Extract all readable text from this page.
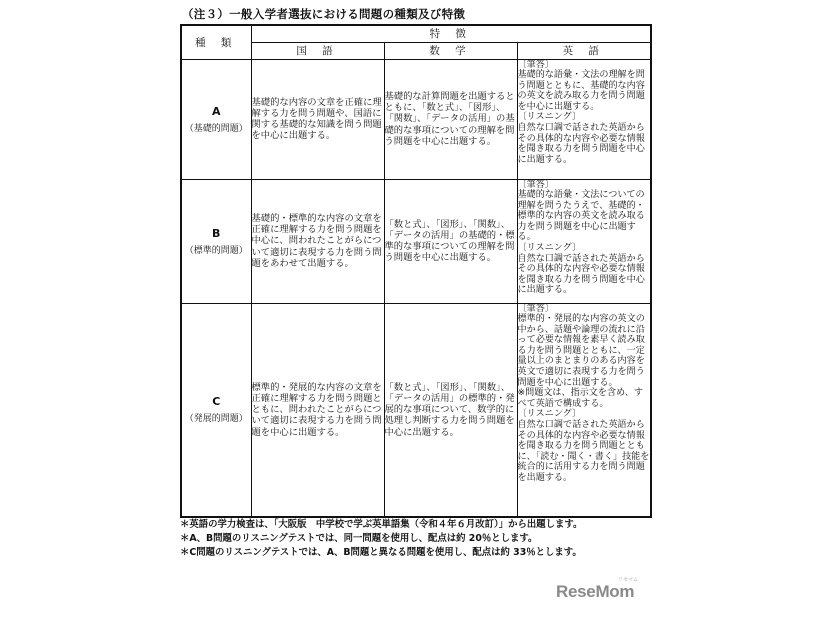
（注３）一般入学者選抜における問題の種類及び特徴
種 類	特 徴		
	国 語	数 学	英 語

A
（基礎的問題）	基礎的な内容の文章を正確に理解する力を問う問題や、国語に関する基礎的な知識を問う問題を中心に出題する。	基礎的な計算問題を出題するとともに、「数と式」、「図形」、「関数」、「データの活用」の基礎的な事項についての理解を問う問題を中心に出題する。	〔筆答〕
基礎的な語彙・文法の理解を問う問題とともに、基礎的な内容の英文を読み取る力を問う問題を中心に出題する。
〔リスニング〕
自然な口調で話された英語からその具体的な内容や必要な情報を聞き取る力を問う問題を中心に出題する。

B
（標準的問題）	基礎的・標準的な内容の文章を正確に理解する力を問う問題を中心に、問われたことがらについて適切に表現する力を問う問題をあわせて出題する。	「数と式」、「図形」、「関数」、「データの活用」の基礎的・標準的な事項についての理解を問う問題を中心に出題する。	〔筆答〕
基礎的な語彙・文法についての理解を問うたうえで、基礎的・標準的な内容の英文を読み取る力を問う問題を中心に出題する。
〔リスニング〕
自然な口調で話された英語からその具体的な内容や必要な情報を聞き取る力を問う問題を中心に出題する。

C
（発展的問題）	標準的・発展的な内容の文章を正確に理解する力を問う問題とともに、問われたことがらについて適切に表現する力を問う問題を中心に出題する。	「数と式」、「図形」、「関数」、「データの活用」の標準的・発展的な事項について、数学的に処理し判断する力を問う問題を中心に出題する。	〔筆答〕
標準的・発展的な内容の英文の中から、話題や論理の流れに沿って必要な情報を素早く読み取る力を問う問題とともに、一定量以上のまとまりのある内容を英文で適切に表現する力を問う問題を中心に出題する。
※問題文は、指示文を含め、すべて英語で構成する。
〔リスニング〕
自然な口調で話された英語からその具体的な内容や必要な情報を聞き取る力を問う問題とともに、「読む・聞く・書く」技能を統合的に活用する力を問う問題を出題する。
＊英語の学力検査は、「大阪版　中学校で学ぶ英単語集（令和４年６月改訂）」から出題します。
＊A、B問題のリスニングテストでは、同一問題を使用し、配点は約 20％とします。
＊C問題のリスニングテストでは、A、B問題と異なる問題を使用し、配点は約 33％とします。
リセマム
ReseMom
